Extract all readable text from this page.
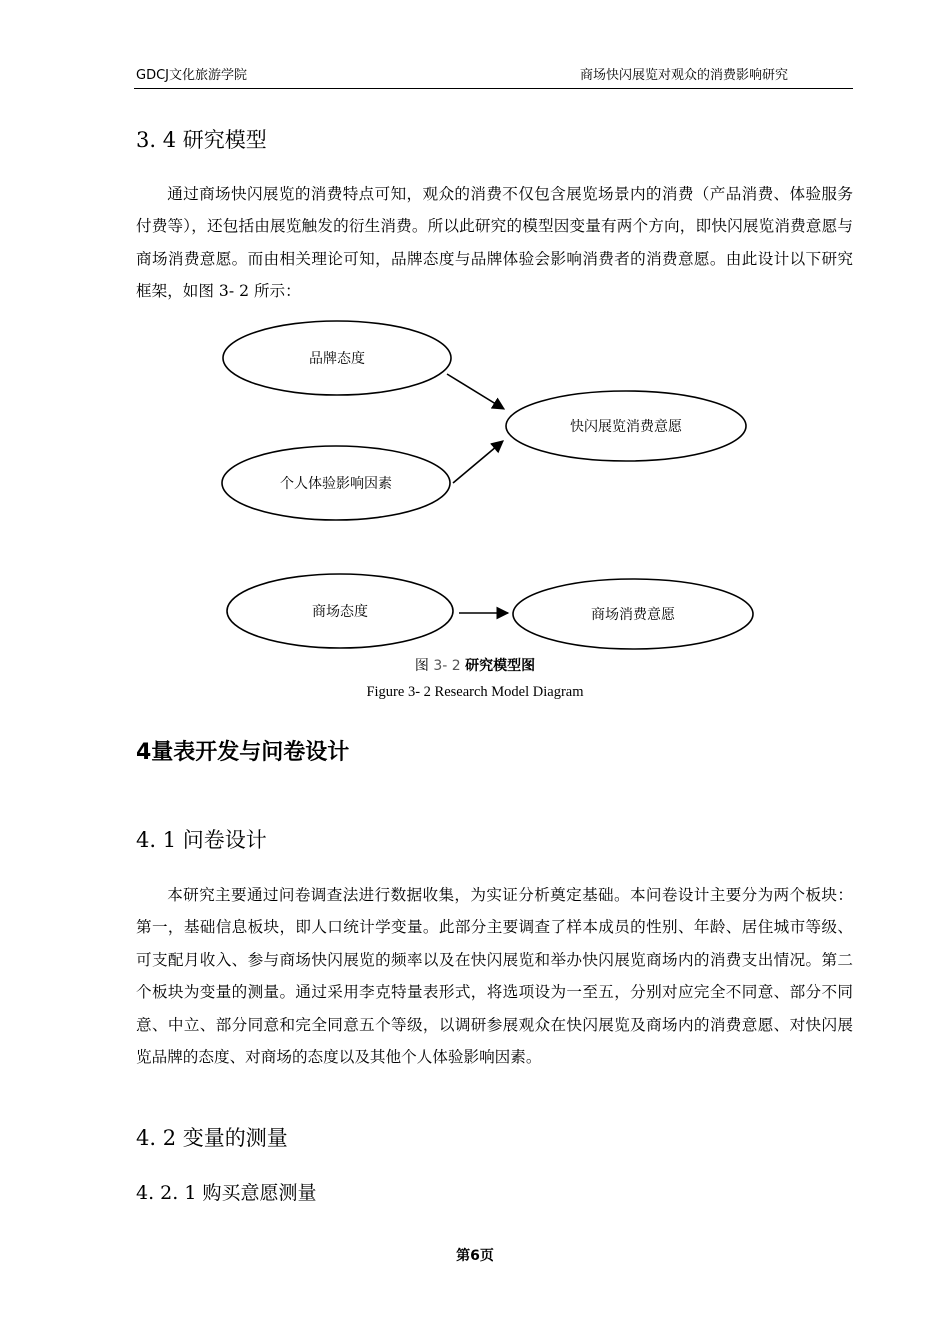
GDCJ文化旅游学院	商场快闪展览对观众的消费影响研究
3. 4 研究模型

通过商场快闪展览的消费特点可知，观众的消费不仅包含展览场景内的消费（产品消费、体验服务付费等），还包括由展览触发的衍生消费。所以此研究的模型因变量有两个方向，即快闪展览消费意愿与商场消费意愿。而由相关理论可知，品牌态度与品牌体验会影响消费者的消费意愿。由此设计以下研究框架，如图 3- 2 所示：

品牌态度
个人体验影响因素
快闪展览消费意愿
商场态度	商场消费意愿
图 3- 2 研究模型图
Figure 3- 2 Research Model Diagram
4量表开发与问卷设计
4. 1 问卷设计

本研究主要通过问卷调查法进行数据收集，为实证分析奠定基础。本问卷设计主要分为两个板块：第一，基础信息板块，即人口统计学变量。此部分主要调查了样本成员的性别、年龄、居住城市等级、可支配月收入、参与商场快闪展览的频率以及在快闪展览和举办快闪展览商场内的消费支出情况。第二个板块为变量的测量。通过采用李克特量表形式，将选项设为一至五，分别对应完全不同意、部分不同意、中立、部分同意和完全同意五个等级，以调研参展观众在快闪展览及商场内的消费意愿、对快闪展览品牌的态度、对商场的态度以及其他个人体验影响因素。

4. 2 变量的测量
4. 2. 1 购买意愿测量
第6页
